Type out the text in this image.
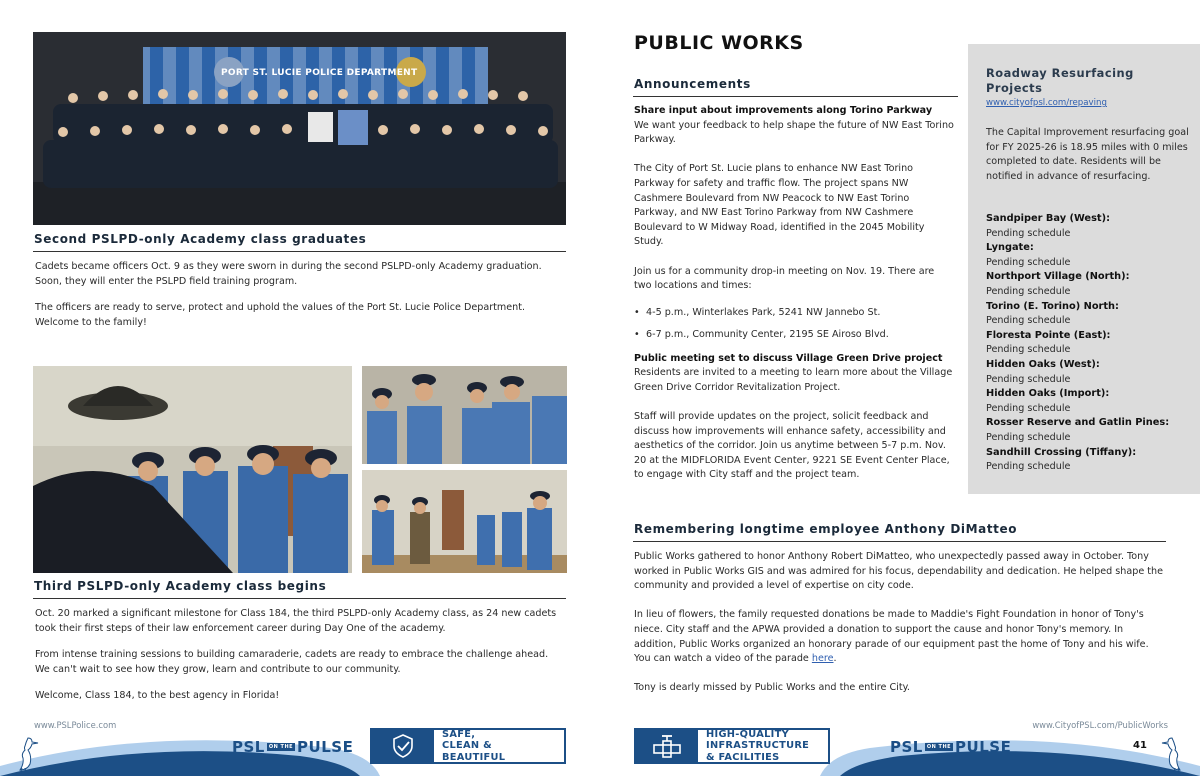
PORT ST. LUCIE POLICE DEPARTMENT
Second PSLPD-only Academy class graduates
Cadets became officers Oct. 9 as they were sworn in during the second PSLPD-only Academy graduation. Soon, they will enter the PSLPD field training program.
The officers are ready to serve, protect and uphold the values of the Port St. Lucie Police Department. Welcome to the family!
Third PSLPD-only Academy class begins
Oct. 20 marked a significant milestone for Class 184, the third PSLPD-only Academy class, as 24 new cadets took their first steps of their law enforcement career during Day One of the academy.
From intense training sessions to building camaraderie, cadets are ready to embrace the challenge ahead. We can't wait to see how they grow, learn and contribute to our community.
Welcome, Class 184, to the best agency in Florida!
PUBLIC WORKS
Announcements
Share input about improvements along Torino Parkway
We want your feedback to help shape the future of NW East Torino Parkway.
The City of Port St. Lucie plans to enhance NW East Torino Parkway for safety and traffic flow. The project spans NW Cashmere Boulevard from NW Peacock to NW East Torino Parkway, and NW East Torino Parkway from NW Cashmere Boulevard to W Midway Road, identified in the 2045 Mobility Study.
Join us for a community drop-in meeting on Nov. 19. There are two locations and times:
• 4-5 p.m., Winterlakes Park, 5241 NW Jannebo St.
• 6-7 p.m., Community Center, 2195 SE Airoso Blvd.
Public meeting set to discuss Village Green Drive project
Residents are invited to a meeting to learn more about the Village Green Drive Corridor Revitalization Project.
Staff will provide updates on the project, solicit feedback and discuss how improvements will enhance safety, accessibility and aesthetics of the corridor. Join us anytime between 5-7 p.m. Nov. 20 at the MIDFLORIDA Event Center, 9221 SE Event Center Place, to engage with City staff and the project team.
Roadway Resurfacing
Projects
www.cityofpsl.com/repaving
The Capital Improvement resurfacing goal for FY 2025-26 is 18.95 miles with 0 miles completed to date. Residents will be notified in advance of resurfacing.
Sandpiper Bay (West):
Pending schedule
Lyngate:
Pending schedule
Northport Village (North):
Pending schedule
Torino (E. Torino) North:
Pending schedule
Floresta Pointe (East):
Pending schedule
Hidden Oaks (West):
Pending schedule
Hidden Oaks (Import):
Pending schedule
Rosser Reserve and Gatlin Pines:
Pending schedule
Sandhill Crossing (Tiffany):
Pending schedule
Remembering longtime employee Anthony DiMatteo
Public Works gathered to honor Anthony Robert DiMatteo, who unexpectedly passed away in October. Tony worked in Public Works GIS and was admired for his focus, dependability and dedication. He helped shape the community and provided a level of expertise on city code.
In lieu of flowers, the family requested donations be made to Maddie's Fight Foundation in honor of Tony's niece. City staff and the APWA provided a donation to support the cause and honor Tony's memory. In addition, Public Works organized an honorary parade of our equipment past the home of Tony and his wife. You can watch a video of the parade here.
Tony is dearly missed by Public Works and the entire City.
www.PSLPolice.com	www.CityofPSL.com/PublicWorks
40	41
PSL ON THE PULSE	PSL ON THE PULSE
SAFE,
CLEAN &
BEAUTIFUL
HIGH-QUALITY
INFRASTRUCTURE
& FACILITIES
